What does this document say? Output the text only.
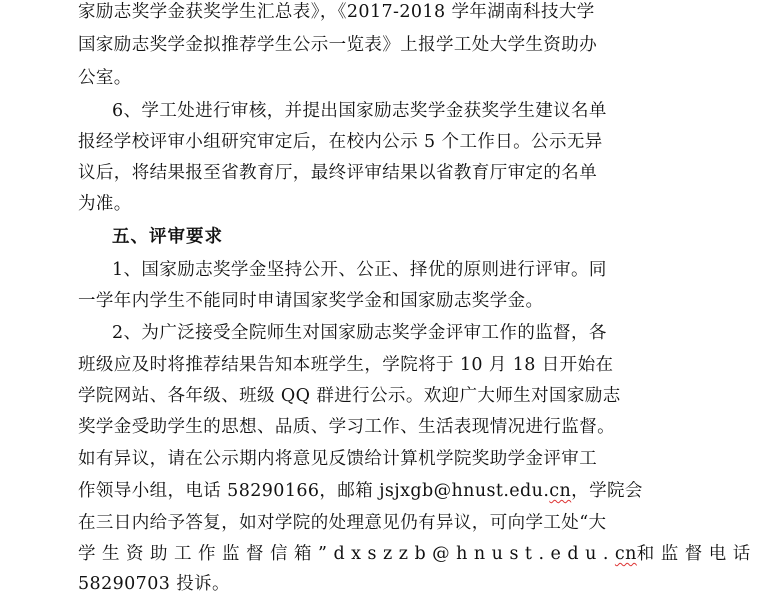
家励志奖学金获奖学生汇总表》，《2017-2018 学年湖南科技大学
国家励志奖学金拟推荐学生公示一览表》上报学工处大学生资助办
公室。
6、学工处进行审核，并提出国家励志奖学金获奖学生建议名单
报经学校评审小组研究审定后，在校内公示 5 个工作日。公示无异
议后，将结果报至省教育厅，最终评审结果以省教育厅审定的名单
为准。
五、评审要求
1、国家励志奖学金坚持公开、公正、择优的原则进行评审。同
一学年内学生不能同时申请国家奖学金和国家励志奖学金。
2、为广泛接受全院师生对国家励志奖学金评审工作的监督，各
班级应及时将推荐结果告知本班学生，学院将于 10 月 18 日开始在
学院网站、各年级、班级 QQ 群进行公示。欢迎广大师生对国家励志
奖学金受助学生的思想、品质、学习工作、生活表现情况进行监督。
如有异议，请在公示期内将意见反馈给计算机学院奖助学金评审工
作领导小组，电话 58290166，邮箱 jsjxgb@hnust.edu.cn，学院会
在三日内给予答复，如对学院的处理意见仍有异议，可向学工处“大
学生资助工作监督信箱”dxszzb@hnust.edu.cn和监督电话
58290703 投诉。
